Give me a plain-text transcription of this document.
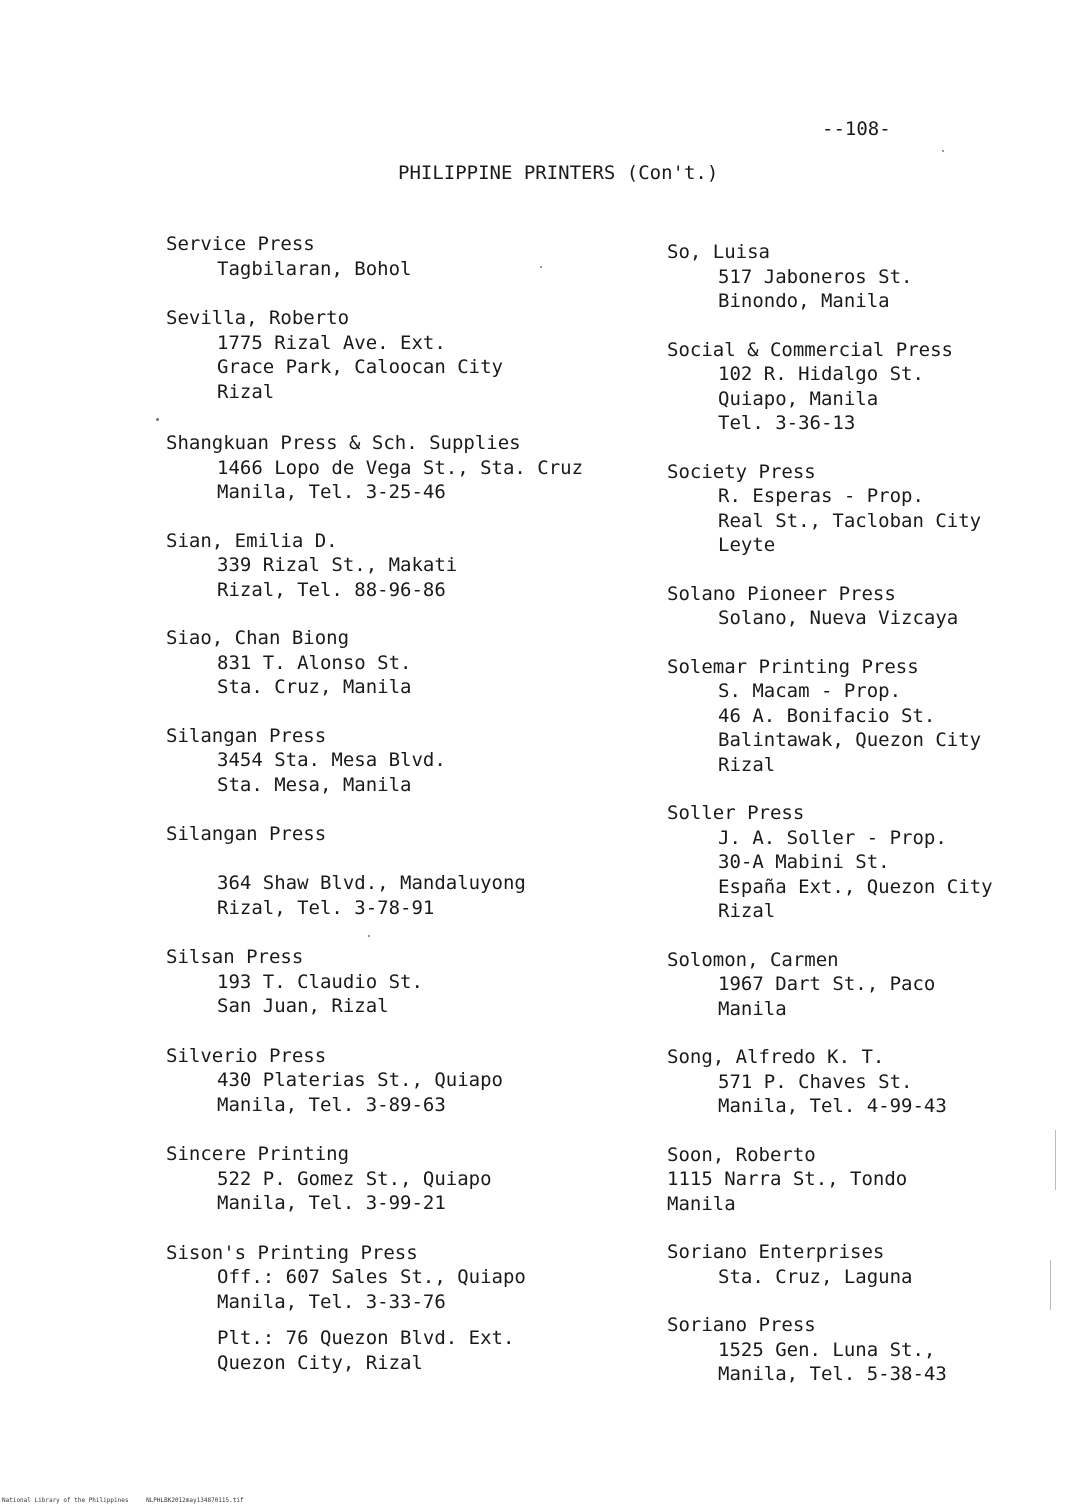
--108-
PHILIPPINE PRINTERS (Con't.)
Service Press
Tagbilaran, Bohol
Sevilla, Roberto
1775 Rizal Ave. Ext.
Grace Park, Caloocan City
Rizal
Shangkuan Press & Sch. Supplies
1466 Lopo de Vega St., Sta. Cruz
Manila, Tel. 3-25-46
Sian, Emilia D.
339 Rizal St., Makati
Rizal, Tel. 88-96-86
Siao, Chan Biong
831 T. Alonso St.
Sta. Cruz, Manila
Silangan Press
3454 Sta. Mesa Blvd.
Sta. Mesa, Manila
Silangan Press
364 Shaw Blvd., Mandaluyong
Rizal, Tel. 3-78-91
Silsan Press
193 T. Claudio St.
San Juan, Rizal
Silverio Press
430 Platerias St., Quiapo
Manila, Tel. 3-89-63
Sincere Printing
522 P. Gomez St., Quiapo
Manila, Tel. 3-99-21
Sison's Printing Press
Off.: 607 Sales St., Quiapo
Manila, Tel. 3-33-76
Plt.: 76 Quezon Blvd. Ext.
Quezon City, Rizal
So, Luisa
517 Jaboneros St.
Binondo, Manila
Social & Commercial Press
102 R. Hidalgo St.
Quiapo, Manila
Tel. 3-36-13
Society Press
R. Esperas - Prop.
Real St., Tacloban City
Leyte
Solano Pioneer Press
Solano, Nueva Vizcaya
Solemar Printing Press
S. Macam - Prop.
46 A. Bonifacio St.
Balintawak, Quezon City
Rizal
Soller Press
J. A. Soller - Prop.
30-A Mabini St.
España Ext., Quezon City
Rizal
Solomon, Carmen
1967 Dart St., Paco
Manila
Song, Alfredo K. T.
571 P. Chaves St.
Manila, Tel. 4-99-43
Soon, Roberto
1115 Narra St., Tondo
Manila
Soriano Enterprises
Sta. Cruz, Laguna
Soriano Press
1525 Gen. Luna St.,
Manila, Tel. 5-38-43
National Library of the Philippines	NLPHLBK2012may134870115.tif
